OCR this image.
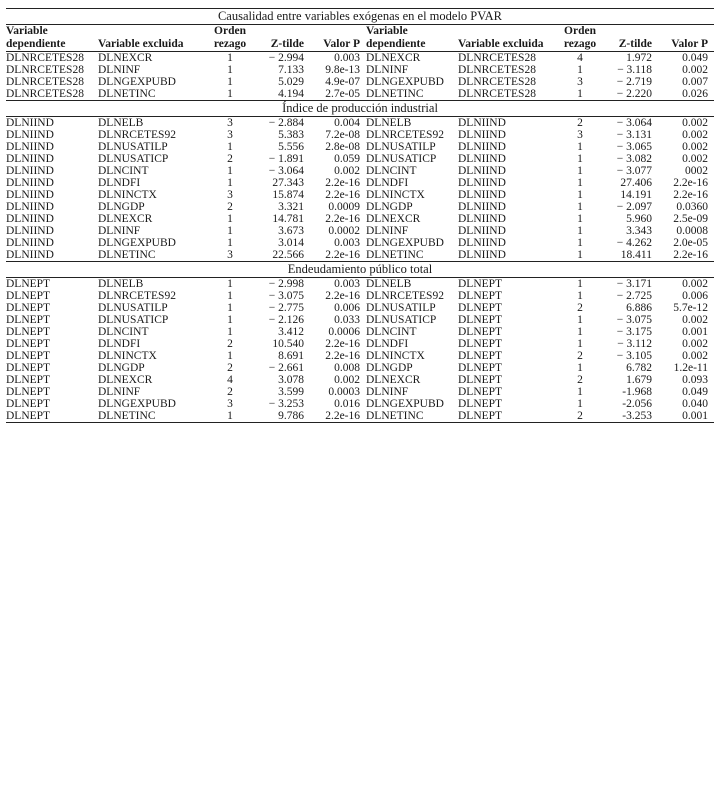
Causalidad entre variables exógenas en el modelo PVAR									

Variable dependiente	Variable excluida	Orden rezago	Z-tilde	Valor P	Variable dependiente	Variable excluida	Orden rezago	Z-tilde	Valor P

DLNRCETES28	DLNEXCR	1	− 2.994	0.003	DLNEXCR	DLNRCETES28	4	1.972	0.049
DLNRCETES28	DLNINF	1	7.133	9.8e-13	DLNINF	DLNRCETES28	1	− 3.118	0.002
DLNRCETES28	DLNGEXPUBD	1	5.029	4.9e-07	DLNGEXPUBD	DLNRCETES28	3	− 2.719	0.007
DLNRCETES28	DLNETINC	1	4.194	2.7e-05	DLNETINC	DLNRCETES28	1	− 2.220	0.026

Índice de producción industrial									

DLNIIND	DLNELB	3	− 2.884	0.004	DLNELB	DLNIIND	2	− 3.064	0.002
DLNIIND	DLNRCETES92	3	5.383	7.2e-08	DLNRCETES92	DLNIIND	3	− 3.131	0.002
DLNIIND	DLNUSATILP	1	5.556	2.8e-08	DLNUSATILP	DLNIIND	1	− 3.065	0.002
DLNIIND	DLNUSATICP	2	− 1.891	0.059	DLNUSATICP	DLNIIND	1	− 3.082	0.002
DLNIIND	DLNCINT	1	− 3.064	0.002	DLNCINT	DLNIIND	1	− 3.077	0002
DLNIIND	DLNDFI	1	27.343	2.2e-16	DLNDFI	DLNIIND	1	27.406	2.2e-16
DLNIIND	DLNINCTX	3	15.874	2.2e-16	DLNINCTX	DLNIIND	1	14.191	2.2e-16
DLNIIND	DLNGDP	2	3.321	0.0009	DLNGDP	DLNIIND	1	− 2.097	0.0360
DLNIIND	DLNEXCR	1	14.781	2.2e-16	DLNEXCR	DLNIIND	1	5.960	2.5e-09
DLNIIND	DLNINF	1	3.673	0.0002	DLNINF	DLNIIND	1	3.343	0.0008
DLNIIND	DLNGEXPUBD	1	3.014	0.003	DLNGEXPUBD	DLNIIND	1	− 4.262	2.0e-05
DLNIIND	DLNETINC	3	22.566	2.2e-16	DLNETINC	DLNIIND	1	18.411	2.2e-16

Endeudamiento público total									

DLNEPT	DLNELB	1	− 2.998	0.003	DLNELB	DLNEPT	1	− 3.171	0.002
DLNEPT	DLNRCETES92	1	− 3.075	2.2e-16	DLNRCETES92	DLNEPT	1	− 2.725	0.006
DLNEPT	DLNUSATILP	1	− 2.775	0.006	DLNUSATILP	DLNEPT	2	6.886	5.7e-12
DLNEPT	DLNUSATICP	1	− 2.126	0.033	DLNUSATICP	DLNEPT	1	− 3.075	0.002
DLNEPT	DLNCINT	1	3.412	0.0006	DLNCINT	DLNEPT	1	− 3.175	0.001
DLNEPT	DLNDFI	2	10.540	2.2e-16	DLNDFI	DLNEPT	1	− 3.112	0.002
DLNEPT	DLNINCTX	1	8.691	2.2e-16	DLNINCTX	DLNEPT	2	− 3.105	0.002
DLNEPT	DLNGDP	2	− 2.661	0.008	DLNGDP	DLNEPT	1	6.782	1.2e-11
DLNEPT	DLNEXCR	4	3.078	0.002	DLNEXCR	DLNEPT	2	1.679	0.093
DLNEPT	DLNINF	2	3.599	0.0003	DLNINF	DLNEPT	1	-1.968	0.049
DLNEPT	DLNGEXPUBD	3	− 3.253	0.016	DLNGEXPUBD	DLNEPT	1	-2.056	0.040
DLNEPT	DLNETINC	1	9.786	2.2e-16	DLNETINC	DLNEPT	2	-3.253	0.001
